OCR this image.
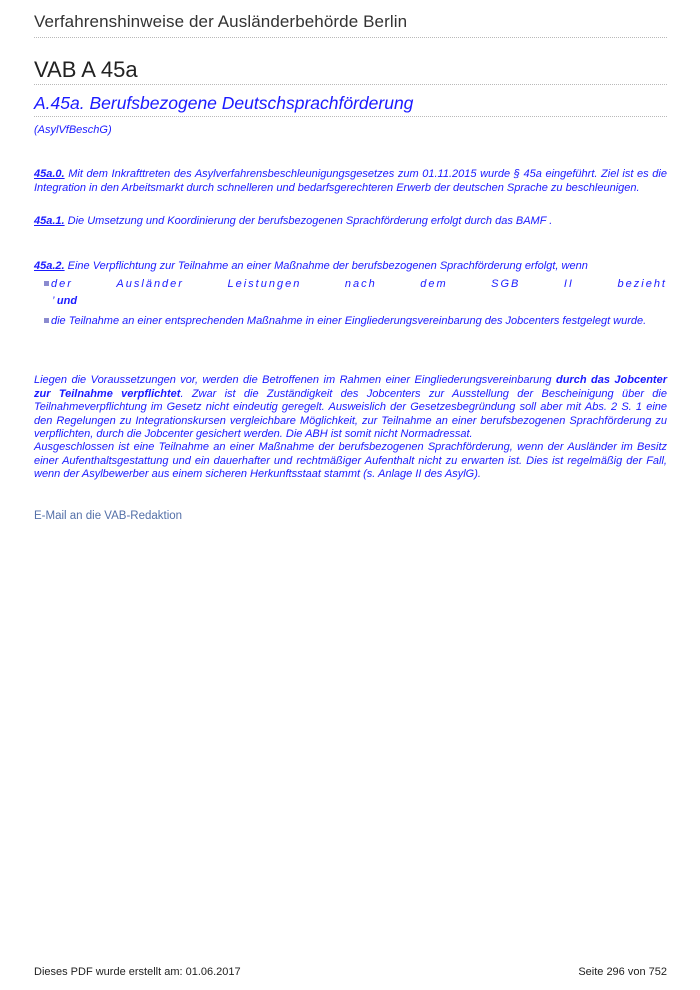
Verfahrenshinweise der Ausländerbehörde Berlin
VAB A 45a
A.45a. Berufsbezogene Deutschsprachförderung
(AsylVfBeschG)

45a.0. Mit dem Inkrafttreten des Asylverfahrensbeschleunigungsgesetzes zum 01.11.2015 wurde § 45a eingeführt. Ziel ist es die Integration in den Arbeitsmarkt durch schnelleren und bedarfsgerechteren Erwerb der deutschen Sprache zu beschleunigen.

45a.1. Die Umsetzung und Koordinierung der berufsbezogenen Sprachförderung erfolgt durch das BAMF .

45a.2. Eine Verpflichtung zur Teilnahme an einer Maßnahme der berufsbezogenen Sprachförderung erfolgt, wenn

der	Ausländer	Leistungen	nach	dem	SGB	II	bezieht
’ und
die Teilnahme an einer entsprechenden Maßnahme in einer Eingliederungsvereinbarung des Jobcenters festgelegt wurde.

Liegen die Voraussetzungen vor, werden die Betroffenen im Rahmen einer Eingliederungsvereinbarung durch das Jobcenter zur Teilnahme verpflichtet. Zwar ist die Zuständigkeit des Jobcenters zur Ausstellung der Bescheinigung über die Teilnahmeverpflichtung im Gesetz nicht eindeutig geregelt. Ausweislich der Gesetzesbegründung soll aber mit Abs. 2 S. 1 eine den Regelungen zu Integrationskursen vergleichbare Möglichkeit, zur Teilnahme an einer berufsbezogenen Sprachförderung zu verpflichten, durch die Jobcenter gesichert werden. Die ABH ist somit nicht Normadressat.

Ausgeschlossen ist eine Teilnahme an einer Maßnahme der berufsbezogenen Sprachförderung, wenn der Ausländer im Besitz einer Aufenthaltsgestattung und ein dauerhafter und rechtmäßiger Aufenthalt nicht zu erwarten ist. Dies ist regelmäßig der Fall, wenn der Asylbewerber aus einem sicheren Herkunftsstaat stammt (s. Anlage II des AsylG).

E-Mail an die VAB-Redaktion
Dieses PDF wurde erstellt am: 01.06.2017	Seite 296 von 752
